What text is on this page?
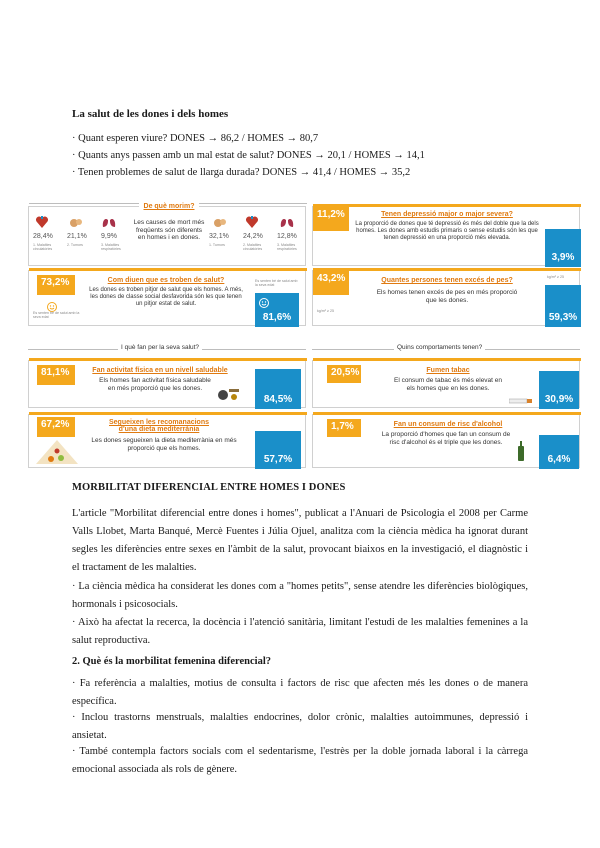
La salut de les dones i dels homes
· Quant esperen viure? DONES → 86,2 / HOMES → 80,7
· Quants anys passen amb un mal estat de salut? DONES → 20,1 / HOMES → 14,1
· Tenen problemes de salut de llarga durada? DONES → 41,4 / HOMES → 35,2
De què morim?
28,4% 21,1% 9,9%
1. Malalties circulatòries
2. Tumors	3. Malalties respiratòries
Les causes de mort més freqüents són diferents en homes i en dones.	32,1% 24,2% 12,8%
1. Tumors	2. Malalties circulatòries
3. Malalties respiratòries
11,2%	Tenen depressió major o major severa?
La proporció de dones que té depressió és més del doble que la dels homes. Les dones amb estudis primaris o sense estudis són les que tenen depressió en una proporció més elevada.
3,9%
73,2%
Es senten bé de salut amb la seva edat
Com diuen que es troben de salut?
Les dones es troben pitjor de salut que els homes. A més, les dones de classe social desfavorida són les que tenen un pitjor estat de salut.
Es senten bé de salut amb la seva edat
81,6%
43,2%
kg/m² ≥ 25
Quantes persones tenen excés de pes?
Els homes tenen excés de pes en més proporció que les dones.
kg/m² ≥ 25
59,3%
I què fan per la seva salut?	Quins comportaments tenen?
81,1%	Fan activitat física en un nivell saludable
Els homes fan activitat física saludable en més proporció que les dones.
84,5%
67,2%	Segueixen les recomanacions d'una dieta mediterrània
Les dones segueixen la dieta mediterrània en més proporció que els homes.
57,7%
20,5%	Fumen tabac
El consum de tabac és més elevat en els homes que en les dones.
30,9%
1,7%	Fan un consum de risc d'alcohol
La proporció d'homes que fan un consum de risc d'alcohol és el triple que les dones.
6,4%
MORBILITAT DIFERENCIAL ENTRE HOMES I DONES
L'article "Morbilitat diferencial entre dones i homes", publicat a l'Anuari de Psicologia el 2008 per Carme Valls Llobet, Marta Banqué, Mercè Fuentes i Júlia Ojuel, analitza com la ciència mèdica ha ignorat durant segles les diferències entre sexes en l'àmbit de la salut, provocant biaixos en la investigació, el diagnòstic i el tractament de les malalties.
· La ciència mèdica ha considerat les dones com a "homes petits", sense atendre les diferències biològiques, hormonals i psicosocials.
· Això ha afectat la recerca, la docència i l'atenció sanitària, limitant l'estudi de les malalties femenines a la salut reproductiva.
2. Què és la morbilitat femenina diferencial?
· Fa referència a malalties, motius de consulta i factors de risc que afecten més les dones o de manera específica.
· Inclou trastorns menstruals, malalties endocrines, dolor crònic, malalties autoimmunes, depressió i ansietat.
· També contempla factors socials com el sedentarisme, l'estrès per la doble jornada laboral i la càrrega emocional associada als rols de gènere.
